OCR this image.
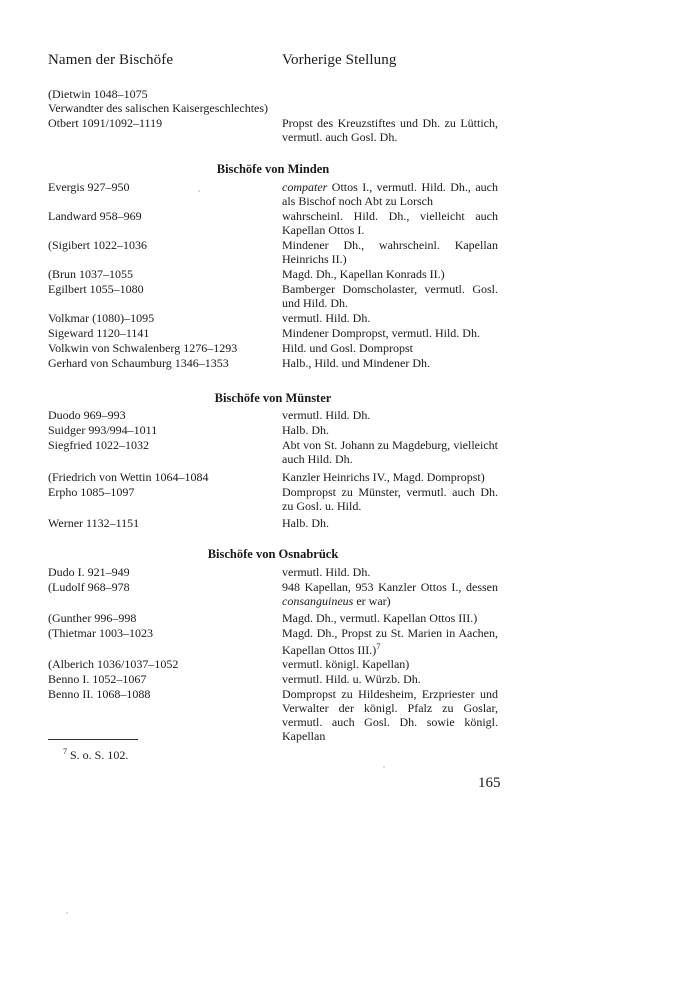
Namen der Bischöfe	Vorherige Stellung
(Dietwin 1048–1075
Verwandter des salischen Kaisergeschlechtes)
Otbert 1091/1092–1119	Propst des Kreuzstiftes und Dh. zu Lüttich, vermutl. auch Gosl. Dh.
Bischöfe von Minden
Evergis 927–950	compater Ottos I., vermutl. Hild. Dh., auch als Bischof noch Abt zu Lorsch
Landward 958–969	wahrscheinl. Hild. Dh., vielleicht auch Kapellan Ottos I.
(Sigibert 1022–1036	Mindener Dh., wahrscheinl. Kapellan Heinrichs II.)
(Brun 1037–1055	Magd. Dh., Kapellan Konrads II.)
Egilbert 1055–1080	Bamberger Domscholaster, vermutl. Gosl. und Hild. Dh.
Volkmar (1080)–1095	vermutl. Hild. Dh.
Sigeward 1120–1141	Mindener Dompropst, vermutl. Hild. Dh.
Volkwin von Schwalenberg 1276–1293	Hild. und Gosl. Dompropst
Gerhard von Schaumburg 1346–1353	Halb., Hild. und Mindener Dh.
Bischöfe von Münster
Duodo 969–993	vermutl. Hild. Dh.
Suidger 993/994–1011	Halb. Dh.
Siegfried 1022–1032	Abt von St. Johann zu Magdeburg, vielleicht auch Hild. Dh.
(Friedrich von Wettin 1064–1084	Kanzler Heinrichs IV., Magd. Dompropst)
Erpho 1085–1097	Dompropst zu Münster, vermutl. auch Dh. zu Gosl. u. Hild.
Werner 1132–1151	Halb. Dh.
Bischöfe von Osnabrück
Dudo I. 921–949	vermutl. Hild. Dh.
(Ludolf 968–978	948 Kapellan, 953 Kanzler Ottos I., dessen consanguineus er war)
(Gunther 996–998	Magd. Dh., vermutl. Kapellan Ottos III.)
(Thietmar 1003–1023	Magd. Dh., Propst zu St. Marien in Aachen, Kapellan Ottos III.)$^7$
(Alberich 1036/1037–1052	vermutl. königl. Kapellan)
Benno I. 1052–1067	vermutl. Hild. u. Würzb. Dh.
Benno II. 1068–1088	Dompropst zu Hildesheim, Erzpriester und Verwalter der königl. Pfalz zu Goslar, vermutl. auch Gosl. Dh. sowie königl. Kapellan
$^7$ S. o. S. 102.
165
